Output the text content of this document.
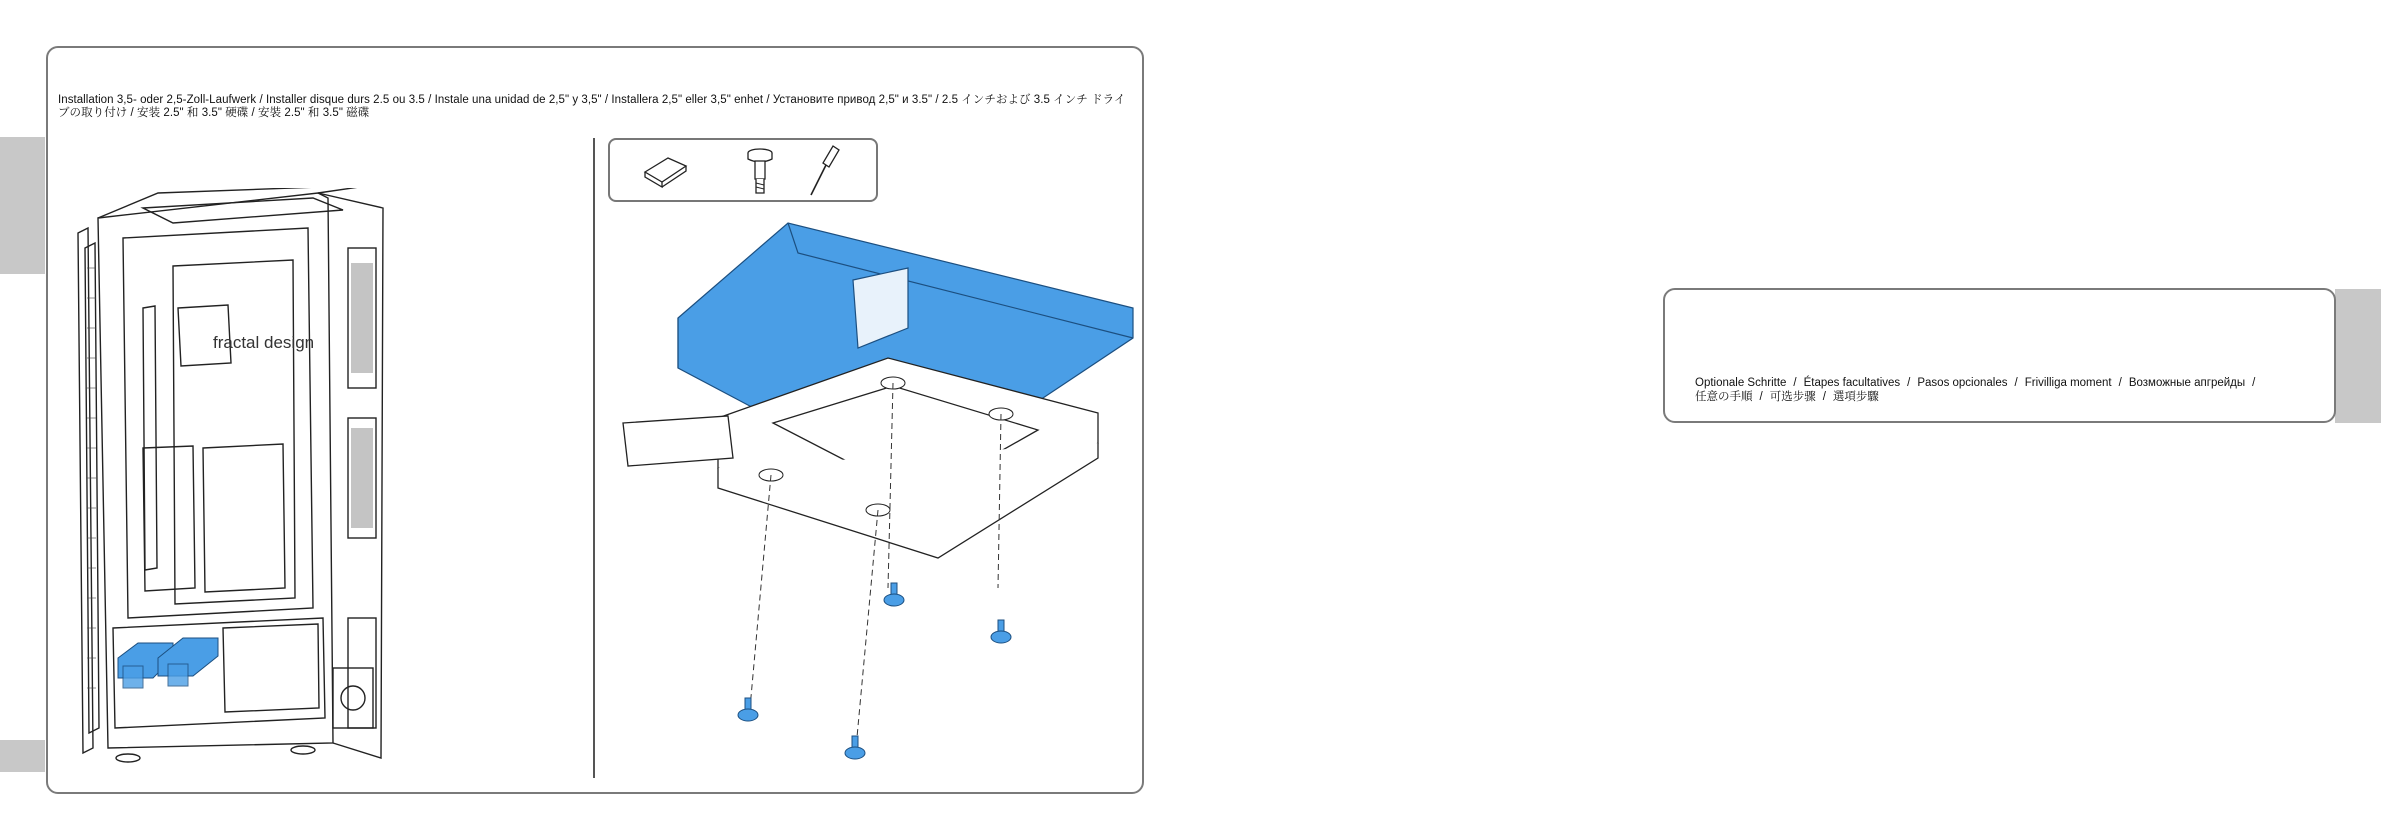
Installation 3,5- oder 2,5-Zoll-Laufwerk / Installer disque durs 2.5 ou 3.5 / Instale una unidad de 2,5" y 3,5" / Installera 2,5" eller 3,5" enhet / Установите привод 2,5" и 3.5" / 2.5 インチおよび 3.5 インチ ドライブの取り付け / 安装 2.5" 和 3.5" 硬碟 / 安裝 2.5" 和 3.5" 磁碟
fractal design
Optionale Schritte / Étapes facultatives / Pasos opcionales / Frivilliga moment / Возможные апгрейды /
任意の手順 / 可选步骤 / 選項步驟
